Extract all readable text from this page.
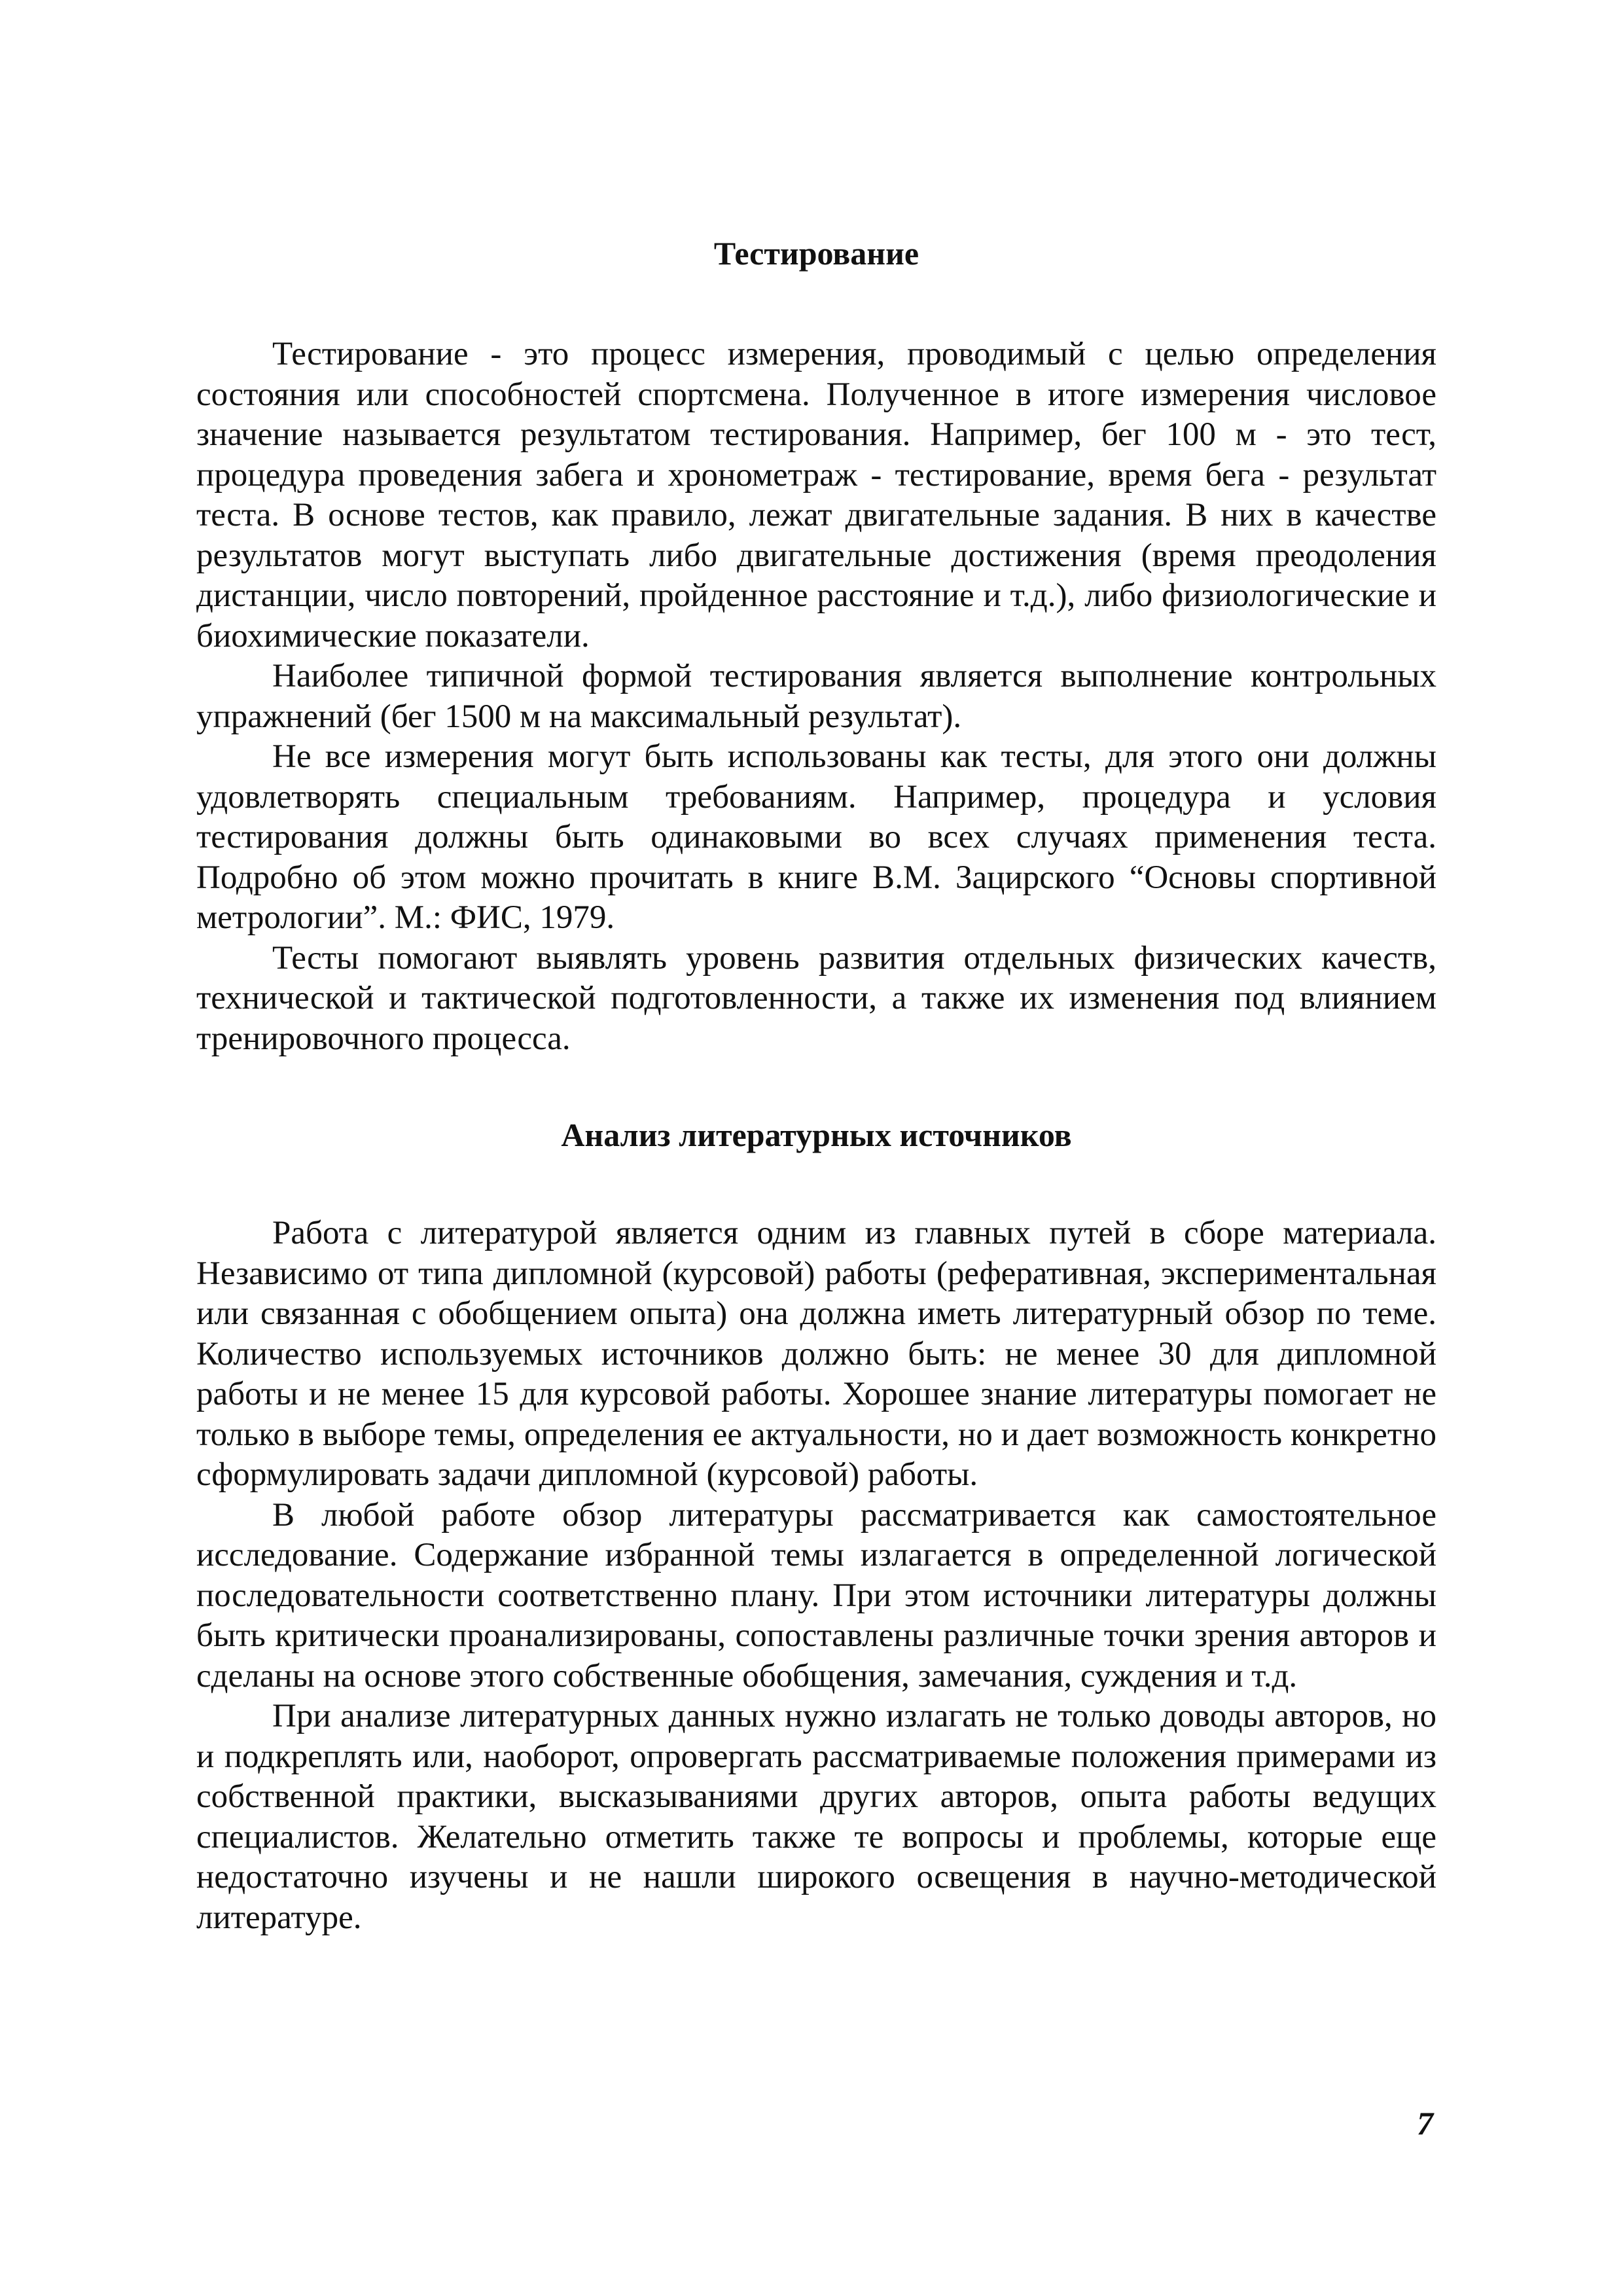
Тестирование

Тестирование - это процесс измерения, проводимый с целью определения состояния или способностей спортсмена. Полученное в итоге измерения числовое значение называется результатом тестирования. Например, бег 100 м - это тест, процедура проведения забега и хронометраж - тестирование, время бега - результат теста. В основе тестов, как правило, лежат двигательные задания. В них в качестве результатов могут выступать либо двигательные достижения (время преодоления дистанции, число повторений, пройденное расстояние и т.д.), либо физиологические и биохимические показатели.

Наиболее типичной формой тестирования является выполнение контрольных упражнений (бег 1500 м на максимальный результат).

Не все измерения могут быть использованы как тесты, для этого они должны удовлетворять специальным требованиям. Например, процедура и условия тестирования должны быть одинаковыми во всех случаях применения теста. Подробно об этом можно прочитать в книге В.М. Зацирского “Основы спортивной метрологии”. М.: ФИС, 1979.

Тесты помогают выявлять уровень развития отдельных физических качеств, технической и тактической подготовленности, а также их изменения под влиянием тренировочного процесса.

Анализ литературных источников

Работа с литературой является одним из главных путей в сборе материала. Независимо от типа дипломной (курсовой) работы (реферативная, экспериментальная или связанная с обобщением опыта) она должна иметь литературный обзор по теме. Количество используемых источников должно быть: не менее 30 для дипломной работы и не менее 15 для курсовой работы. Хорошее знание литературы помогает не только в выборе темы, определения ее актуальности, но и дает возможность конкретно сформулировать задачи дипломной (курсовой) работы.

В любой работе обзор литературы рассматривается как самостоятельное исследование. Содержание избранной темы излагается в определенной логической последовательности соответственно плану. При этом источники литературы должны быть критически проанализированы, сопоставлены различные точки зрения авторов и сделаны на основе этого собственные обобщения, замечания, суждения и т.д.

При анализе литературных данных нужно излагать не только доводы авторов, но и подкреплять или, наоборот, опровергать рассматриваемые положения примерами из собственной практики, высказываниями других авторов, опыта работы ведущих специалистов. Желательно отметить также те вопросы и проблемы, которые еще недостаточно изучены и не нашли широкого освещения в научно-методической литературе.

7
